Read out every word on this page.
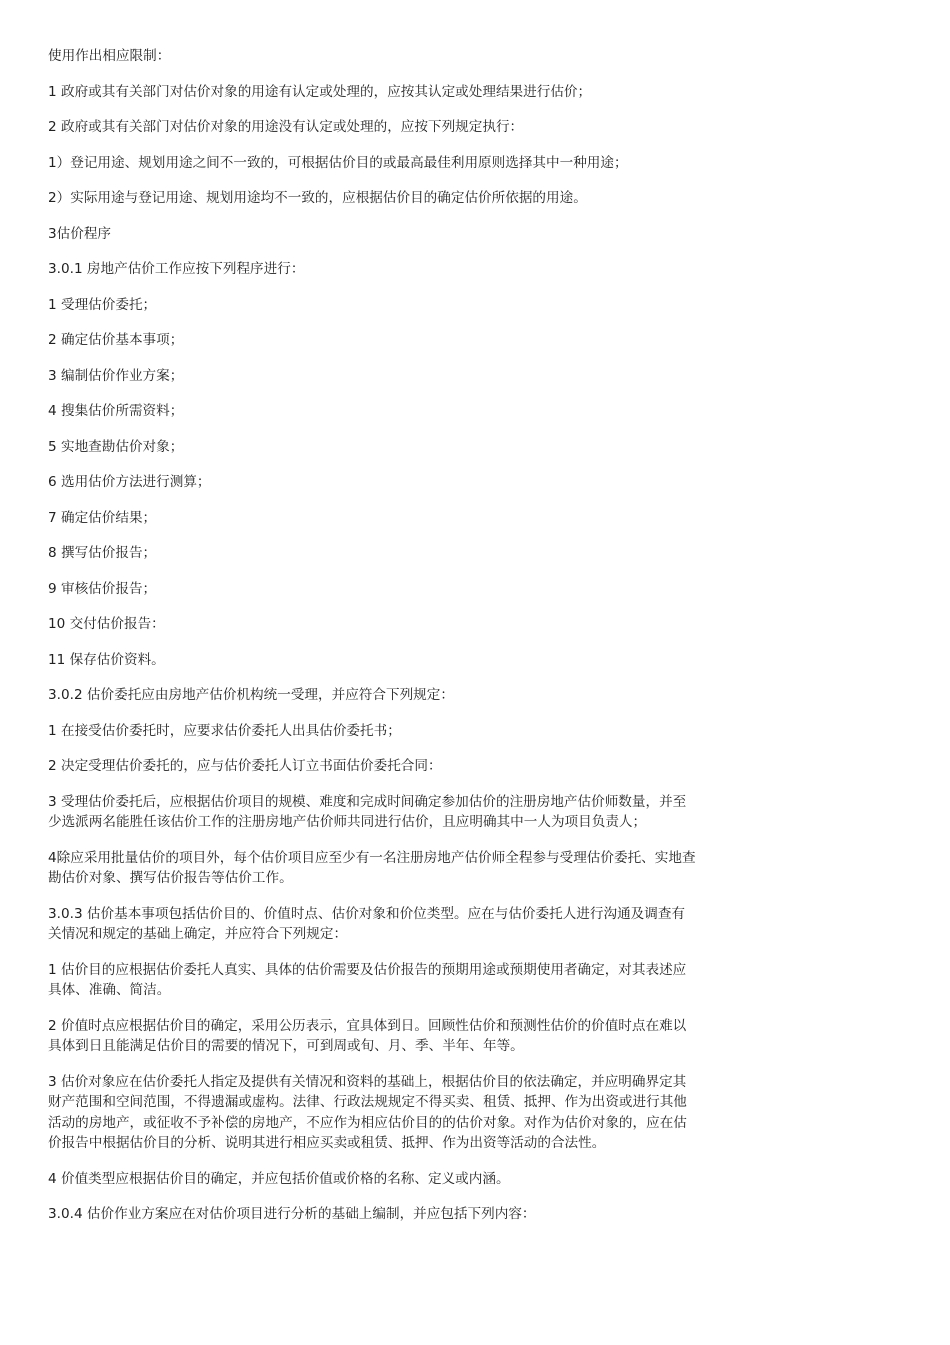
使用作出相应限制：

1 政府或其有关部门对估价对象的用途有认定或处理的，应按其认定或处理结果进行估价；

2 政府或其有关部门对估价对象的用途没有认定或处理的，应按下列规定执行：

1）登记用途、规划用途之间不一致的，可根据估价目的或最高最佳利用原则选择其中一种用途；

2）实际用途与登记用途、规划用途均不一致的，应根据估价目的确定估价所依据的用途。

3估价程序

3.0.1 房地产估价工作应按下列程序进行：

1 受理估价委托；

2 确定估价基本事项；

3 编制估价作业方案；

4 搜集估价所需资料；

5 实地查勘估价对象；

6 选用估价方法进行测算；

7 确定估价结果；

8 撰写估价报告；

9 审核估价报告；

10 交付估价报告：

11 保存估价资料。

3.0.2 估价委托应由房地产估价机构统一受理，并应符合下列规定：

1 在接受估价委托时，应要求估价委托人出具估价委托书；

2 决定受理估价委托的，应与估价委托人订立书面估价委托合同：

3 受理估价委托后，应根据估价项目的规模、难度和完成时间确定参加估价的注册房地产估价师数量，并至少选派两名能胜任该估价工作的注册房地产估价师共同进行估价，且应明确其中一人为项目负责人；

4除应采用批量估价的项目外，每个估价项目应至少有一名注册房地产估价师全程参与受理估价委托、实地查勘估价对象、撰写估价报告等估价工作。

3.0.3 估价基本事项包括估价目的、价值时点、估价对象和价位类型。应在与估价委托人进行沟通及调查有关情况和规定的基础上确定，并应符合下列规定：

1 估价目的应根据估价委托人真实、具体的估价需要及估价报告的预期用途或预期使用者确定，对其表述应具体、准确、简洁。

2 价值时点应根据估价目的确定，采用公历表示，宜具体到日。回顾性估价和预测性估价的价值时点在难以具体到日且能满足估价目的需要的情况下，可到周或旬、月、季、半年、年等。

3 估价对象应在估价委托人指定及提供有关情况和资料的基础上，根据估价目的依法确定，并应明确界定其财产范围和空间范围，不得遗漏或虚构。法律、行政法规规定不得买卖、租赁、抵押、作为出资或进行其他活动的房地产，或征收不予补偿的房地产，不应作为相应估价目的的估价对象。对作为估价对象的，应在估价报告中根据估价目的分析、说明其进行相应买卖或租赁、抵押、作为出资等活动的合法性。

4 价值类型应根据估价目的确定，并应包括价值或价格的名称、定义或内涵。

3.0.4 估价作业方案应在对估价项目进行分析的基础上编制，并应包括下列内容：
